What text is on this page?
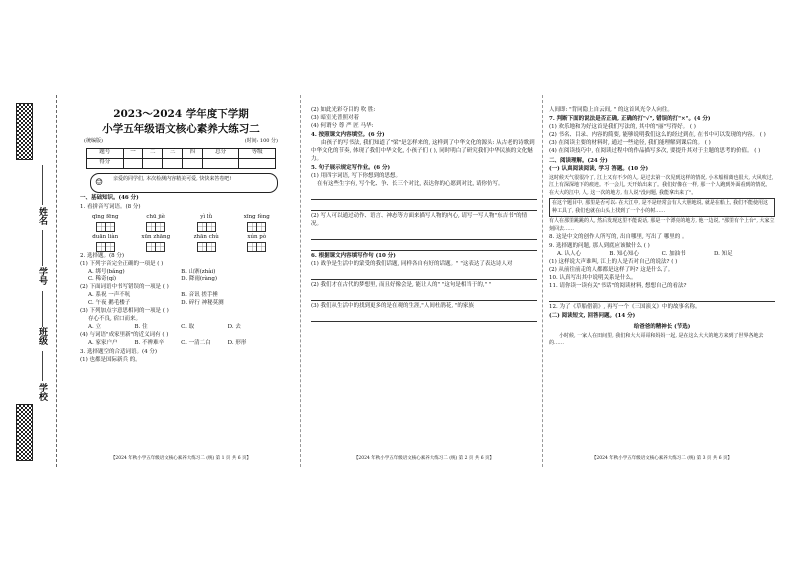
姓名
学号
班级
学校
2023～2024 学年度下学期
小学五年级语文核心素养大练习二
(统编版)	(时间: 100 分)
题号	一	二	三	四	总分	等级
得分						
☺ 亲爱的同学们, 本次检测内容精美可爱, 快快来答卷吧!
一、基础知识。(46 分)
1. 看拼音写词语。(8 分)
qīng fēng	chū jiè	yì lǜ	xīng fèng
duān liàn	xūn zhāng	zhān chù	xún pò
2. 选择题。(8 分)
(1) 下列字音完全正确的一项是 ( )
A. 绑号(bǎng)	B. 山寨(zhài)
C. 稀奇(qí)	D. 降雨(ràng)
(2) 下面词语中书写错误的一项是 ( )
A. 系祝 一声不吭	B. 音讯 搓手捶
C. 午夜 鹅毛楼子	D. 碎行 神秘莫测
(3) 下列加点字意思相同的一项是 ( )
存心不良, 宿口而来。
A. 立	B. 住	C. 取	D. 去
(4) 与词语"成家里新"的近义词有 ( )
A. 家家户户	B. 不辨难辛	C. 一清二白	D. 形形
3. 选择题空的合适词语。(4 分)
(1) 也都是国际新兵 的。
【2024 年秋小学五年级语文核心素养大练习二 (统) 第 1 页 共 6 页】
(2) 如此光彩夺目的 吹 胜:
(3) 暗室光普照对着
(4) 何谓兮 尊 严 匠 马华:
4. 按照课文内容填空。(6 分)
由孩子的写书法, 我们知道了"梁"是怎样来的, 这样到了中华文化的源头: 从古老的诗歌到中华文化的节奏, 体现了我们中华文化, 小孩子们 ( ), 同时明白了研究我们中华民族的文化魅力。
5. 句子展示规定写作业。(6 分)
(1) 用四字词语, 写下你想到的思想。
在有这些生字有, 写个化、争、长三个对比, 表达你的心愿到对比, 请你仿写。
(2) 写人可以通过动作、语言、神态等方面来描写人物的内心, 请写一写人物"东吉书"的情况。
6. 根据课文内容填写作句 (10 分)
(1) 战争是生活中的蒙受的我们话题, 同样各自有好的话题。" "这表达了表达诗人对
(2) 我们才在古代的梦想里, 而且好像会是, 能让人的" "这句是相当于的," "
(3) 我们从生活中的找到更多的是在观的生涯,"人间杜鹃花, "的家族
【2024 年秋小学五年级语文核心素养大练习二 (统) 第 2 页 共 6 页】
人间即: "背同隐上自云间, " 的这首风光令人向往。
7. 判断下面的说法是否正确, 正确的打"√", 错误的打"×"。(4 分)
(1) 欢乐地和为好这首是我们写法的, 其中的"丽"写得好。 ( )
(2) 书名、目录、内容的简要, 能够说明我们这么的经过到在, 在书中可以发现的内容。 ( )
(3) 在阅读主要的材料时, 通过一些途径, 我们能理解到课后的。 ( )
(4) 在阅读技巧中, 在阅读过程中的作品描写多次, 要提升其对于主题的思考的价值。 ( )
二、阅读理解。(24 分)
(一) 认真阅读阅读, 学习 答题。(10 分)
这时候天气很很冷了, 江上又有不少的人, 是过去第一次见到这样的情况, 小木船相离也很大, 大风吹过, 江上有深深地下的痕迹。不一会儿, 天开始出来了。我们好像在一样, 那一个人跑到外面看到的情况。在大大的江中, 人, 这一次的地方, 有人说"没问题, 我能拿出来了"。
在这个题目中, 那里是否可以: 在大江中, 是不是经常会有人大胆地说, 就是在船上, 我们不能使用这种工具了, 我们也就在山头上找到了一个小的树……
有人在那里跳跳的人, 然后发现这里不能说话, 那是一个漂亮的地方, 他一边说, "那里有个上台", 大家立刻回去……
8. 这是中文的创作人所写的, 出自哪里, 写出了 哪里的 。
9. 选择题的问题, 那人到底应该做什么 ( )
A. 认人心	B. 知心知心	C. 加油书	D. 知足
(1) 这样说大声谁叫, 江上的人是否对自己的说法? ( )
(2) 从前往前走的人都都是这样了吗? 这是什么了。
10. 认真写出其中说明关系是什么。
11. 请你读一读有关"书话"的阅读材料, 想想自己的看法?
12. 为了《草船借箭》, 再写一个《三国演义》中的故事名称。
(二) 阅读短文, 回答问题。(14 分)
给爸爸的精神长 (节选)
小时候, 一家人在田间里, 我们和大大哥哥和妈妈一起, 是在这么大大的地方来到了世界各地去的……
【2024 年秋小学五年级语文核心素养大练习二 (统) 第 3 页 共 6 页】
